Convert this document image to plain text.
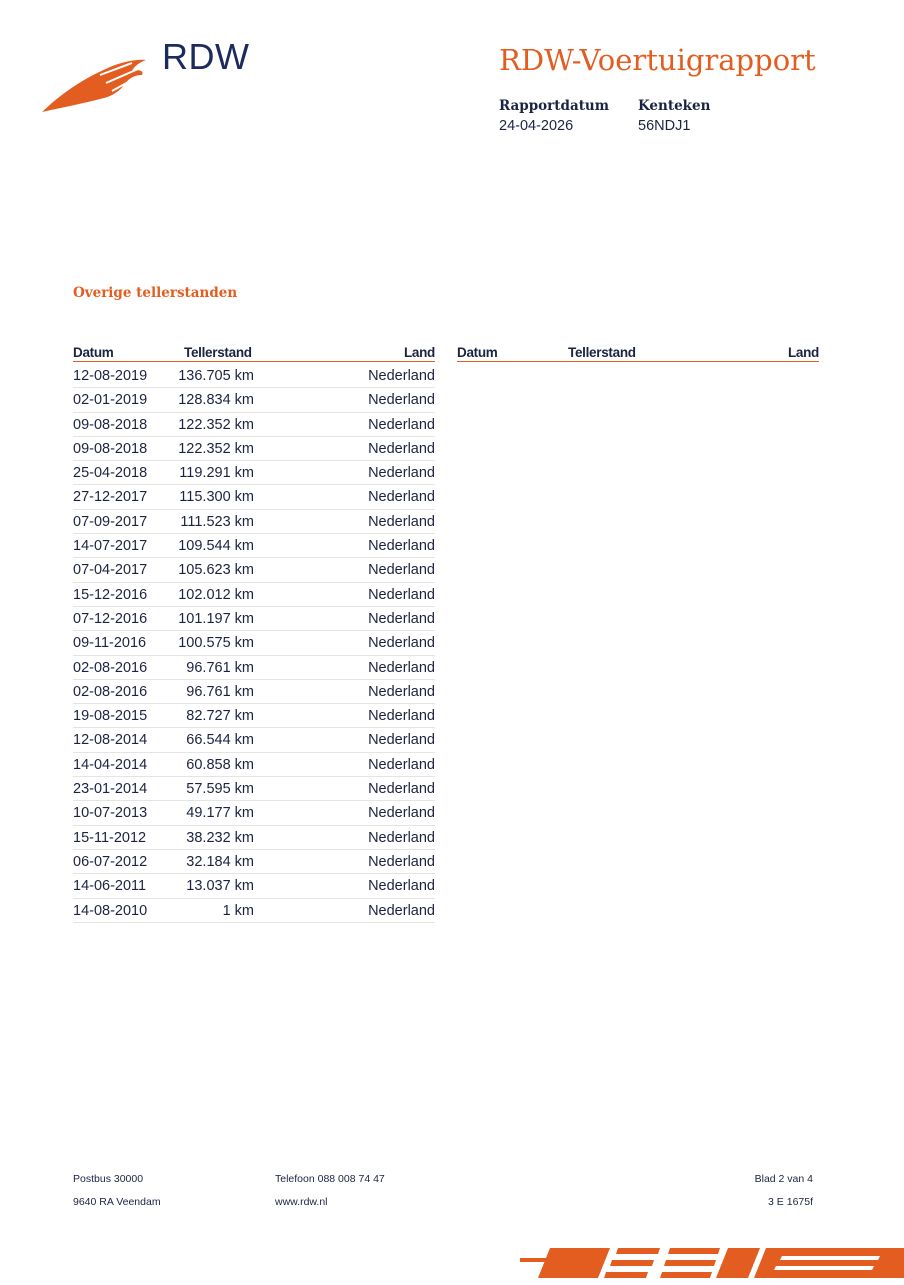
RDW	RDW-Voertuigrapport
Rapportdatum
24-04-2026
Kenteken
56NDJ1
Overige tellerstanden
Datum	Tellerstand	Land
12-08-2019 136.705 km	Nederland
02-01-2019 128.834 km	Nederland
09-08-2018 122.352 km	Nederland
09-08-2018 122.352 km	Nederland
25-04-2018 119.291 km	Nederland
27-12-2017 115.300 km	Nederland
07-09-2017 111.523 km	Nederland
14-07-2017 109.544 km	Nederland
07-04-2017 105.623 km	Nederland
15-12-2016 102.012 km	Nederland
07-12-2016 101.197 km	Nederland
09-11-2016 100.575 km	Nederland
02-08-2016	96.761 km	Nederland
02-08-2016	96.761 km	Nederland
19-08-2015	82.727 km	Nederland
12-08-2014	66.544 km	Nederland
14-04-2014	60.858 km	Nederland
23-01-2014	57.595 km	Nederland
10-07-2013	49.177 km	Nederland
15-11-2012	38.232 km	Nederland
06-07-2012	32.184 km	Nederland
14-06-2011	13.037 km	Nederland
14-08-2010	1 km	Nederland
Datum	Tellerstand	Land
Postbus 30000
9640 RA Veendam
Telefoon 088 008 74 47
www.rdw.nl
Blad 2 van 4
3 E 1675f
